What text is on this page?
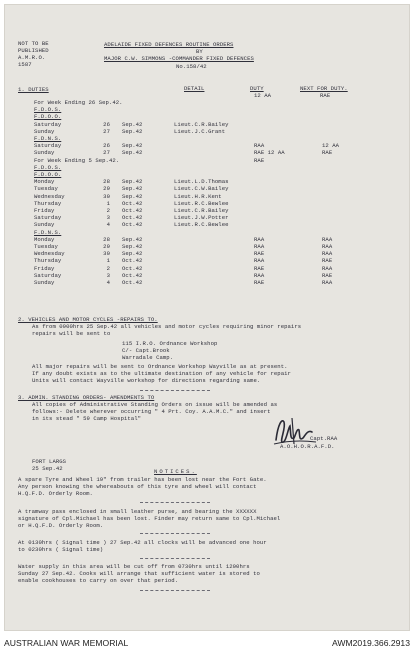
NOT TO BE
PUBLISHED
A.M.R.O.
1587
ADELAIDE FIXED DEFENCES ROUTINE ORDERS
BY
MAJOR C.W. SIMMONS -COMMANDER FIXED DEFENCES
No.158/42
1. DUTIES	DETAIL	DUTY	NEXT FOR DUTY.
12 AA	RAE
For Week Ending 26 Sep.42.
F.D.O.S.
F.D.O.O.
Saturday	26 Sep.42	Lieut.C.R.Bailey
Sunday	27 Sep.42	Lieut.J.C.Grant
F.D.N.S.
Saturday	26 Sep.42	RAA	12 AA
Sunday	27 Sep.42	RAE 12 AA	RAE
For Week Ending 5 Sep.42.	RAE
F.D.O.S.
F.D.O.O.
Monday	28 Sep.42	Lieut.L.D.Thomas
Tuesday	29 Sep.42	Lieut.C.W.Bailey
Wednesday	30 Sep.42	Lieut.H.R.Kent
Thursday	1 Oct.42	Lieut.R.C.Bewlee
Friday	2 Oct.42	Lieut.C.R.Bailey
Saturday	3 Oct.42	Lieut.J.W.Potter
Sunday	4 Oct.42	Lieut.R.C.Bewlee
F.D.N.S.
Monday	28 Sep.42	RAA	RAA
Tuesday	29 Sep.42	RAA	RAA
Wednesday	30 Sep.42	RAE	RAA
Thursday	1 Oct.42	RAA	RAE
Friday	2 Oct.42	RAE	RAA
Saturday	3 Oct.42	RAA	RAE
Sunday	4 Oct.42	RAE	RAA
2. VEHICLES AND MOTOR CYCLES -REPAIRS TO.
As from 0900hrs 25 Sep.42 all vehicles and motor cycles requiring minor repairs
repairs will be sent to
115 I.R.O. Ordnance Workshop
C/- Capt.Brook
Warradale Camp.
All major repairs will be sent to Ordnance Workshop Wayville as at present.
If any doubt exists as to the ultimate destination of any vehicle for repair
Units will contact Wayville workshop for directions regarding same.
3. ADMIN. STANDING ORDERS- AMENDMENTS TO
All copies of Administrative Standing Orders on issue will be amended as
follows:- Delete wherever occurring " 4 Prt. Coy. A.A.M.C." and insert
in its stead " 59 Camp Hospital"
Capt.RAA
A.O.H.O.R.A.F.D.
FORT LARGS
25 Sep.42	NOTICES.
A spare Tyre and Wheel 19" from trailer has been lost near the Fort Gate.
Any person knowing the whereabouts of this tyre and wheel will contact
H.Q.F.D. Orderly Room.
A tramway pass enclosed in small leather purse, and bearing the XXXXXX
signature of Cpl.Michael has been lost. Finder may return same to Cpl.Michael
or H.Q.F.D. Orderly Room.
At 0130hrs ( Signal time ) 27 Sep.42 all clocks will be advanced one hour
to 0230hrs ( Signal time)
Water supply in this area will be cut off from 0730hrs until 1200hrs
Sunday 27 Sep.42. Cooks will arrange that sufficient water is stored to
enable cookhouses to carry on over that period.
AUSTRALIAN WAR MEMORIAL	AWM2019.366.2913
